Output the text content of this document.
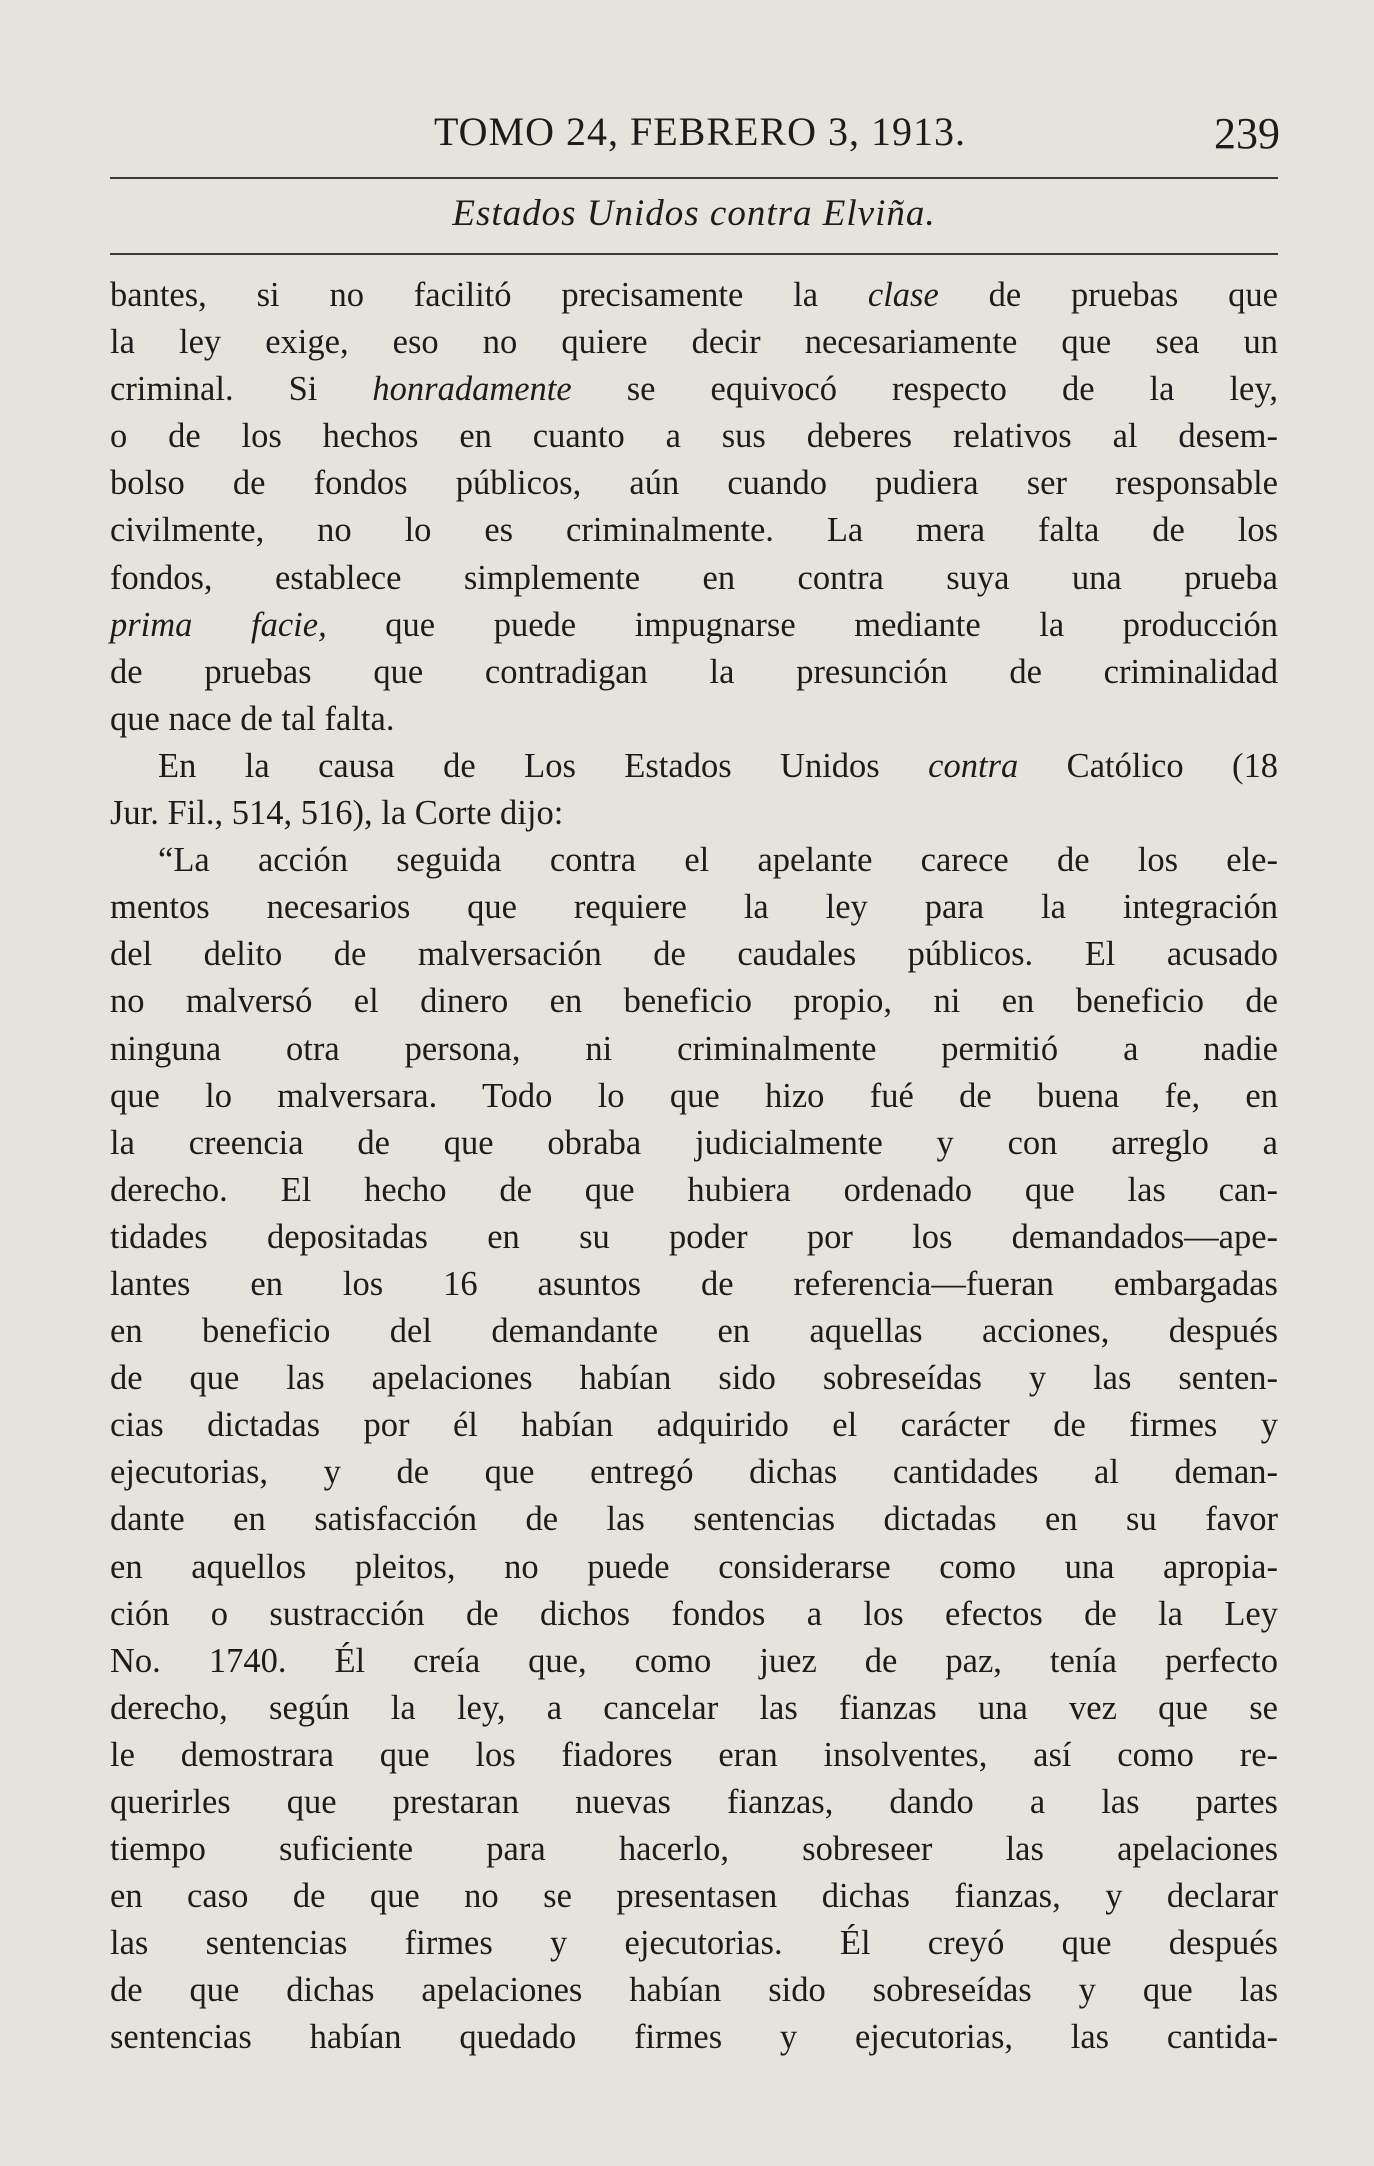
TOMO 24, FEBRERO 3, 1913.	239
Estados Unidos contra Elviña.
bantes, si no facilitó precisamente la clase de pruebas que
la ley exige, eso no quiere decir necesariamente que sea un
criminal. Si honradamente se equivocó respecto de la ley,
o de los hechos en cuanto a sus deberes relativos al desem-
bolso de fondos públicos, aún cuando pudiera ser responsable
civilmente, no lo es criminalmente. La mera falta de los
fondos, establece simplemente en contra suya una prueba
prima facie, que puede impugnarse mediante la producción
de pruebas que contradigan la presunción de criminalidad
que nace de tal falta.
En la causa de Los Estados Unidos contra Católico (18
Jur. Fil., 514, 516), la Corte dijo:
“La acción seguida contra el apelante carece de los ele-
mentos necesarios que requiere la ley para la integración
del delito de malversación de caudales públicos. El acusado
no malversó el dinero en beneficio propio, ni en beneficio de
ninguna otra persona, ni criminalmente permitió a nadie
que lo malversara. Todo lo que hizo fué de buena fe, en
la creencia de que obraba judicialmente y con arreglo a
derecho. El hecho de que hubiera ordenado que las can-
tidades depositadas en su poder por los demandados—ape-
lantes en los 16 asuntos de referencia—fueran embargadas
en beneficio del demandante en aquellas acciones, después
de que las apelaciones habían sido sobreseídas y las senten-
cias dictadas por él habían adquirido el carácter de firmes y
ejecutorias, y de que entregó dichas cantidades al deman-
dante en satisfacción de las sentencias dictadas en su favor
en aquellos pleitos, no puede considerarse como una apropia-
ción o sustracción de dichos fondos a los efectos de la Ley
No. 1740. Él creía que, como juez de paz, tenía perfecto
derecho, según la ley, a cancelar las fianzas una vez que se
le demostrara que los fiadores eran insolventes, así como re-
querirles que prestaran nuevas fianzas, dando a las partes
tiempo suficiente para hacerlo, sobreseer las apelaciones
en caso de que no se presentasen dichas fianzas, y declarar
las sentencias firmes y ejecutorias. Él creyó que después
de que dichas apelaciones habían sido sobreseídas y que las
sentencias habían quedado firmes y ejecutorias, las cantida-
